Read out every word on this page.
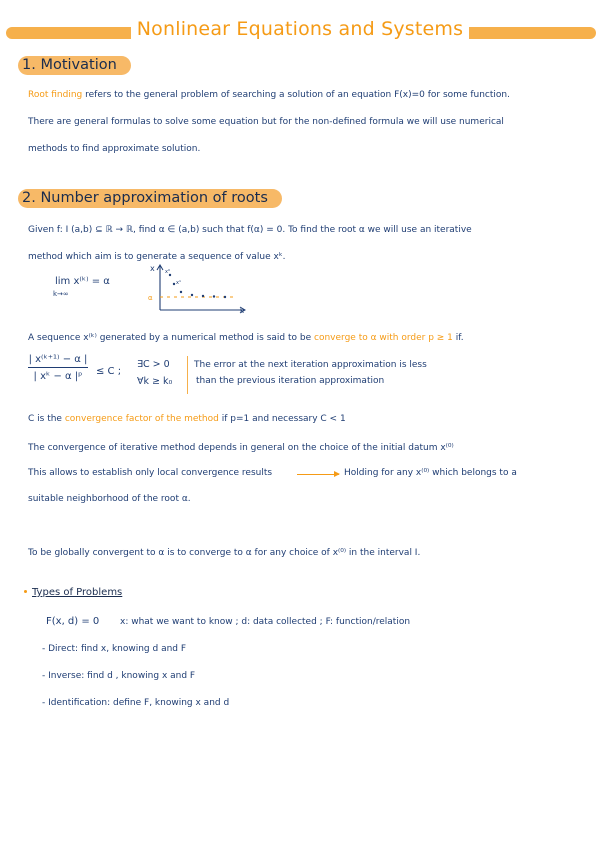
Nonlinear Equations and Systems
1. Motivation
Root finding refers to the general problem of searching a solution of an equation F(x)=0 for some function.
There are general formulas to solve some equation but for the non-defined formula we will use numerical
methods to find approximate solution.
2. Number approximation of roots
Given f: I (a,b) ⊆ ℝ → ℝ, find α ∈ (a,b) such that f(α) = 0. To find the root α we will use an iterative
method which aim is to generate a sequence of value xᵏ.
lim x⁽ᵏ⁾ = α
k→∞
x
k
α
x⁰
x¹
A sequence x⁽ᵏ⁾ generated by a numerical method is said to be converge to α with order p ≥ 1 if.
$\frac{\text{| x⁽ᵏ⁺¹⁾ − α |}}{\text{| xᵏ − α |ᵖ}} \le C$ ;
∃C > 0
∀k ≥ k₀
The error at the next iteration approximation is less
than the previous iteration approximation
C is the convergence factor of the method if p=1 and necessary C < 1
The convergence of iterative method depends in general on the choice of the initial datum x⁽⁰⁾
This allows to establish only local convergence results	Holding for any x⁽⁰⁾ which belongs to a
suitable neighborhood of the root α.
To be globally convergent to α is to converge to α for any choice of x⁽⁰⁾ in the interval I.
Types of Problems
F(x, d) = 0 x: what we want to know ; d: data collected ; F: function/relation
- Direct: find x, knowing d and F
- Inverse: find d , knowing x and F
- Identification: define F, knowing x and d
